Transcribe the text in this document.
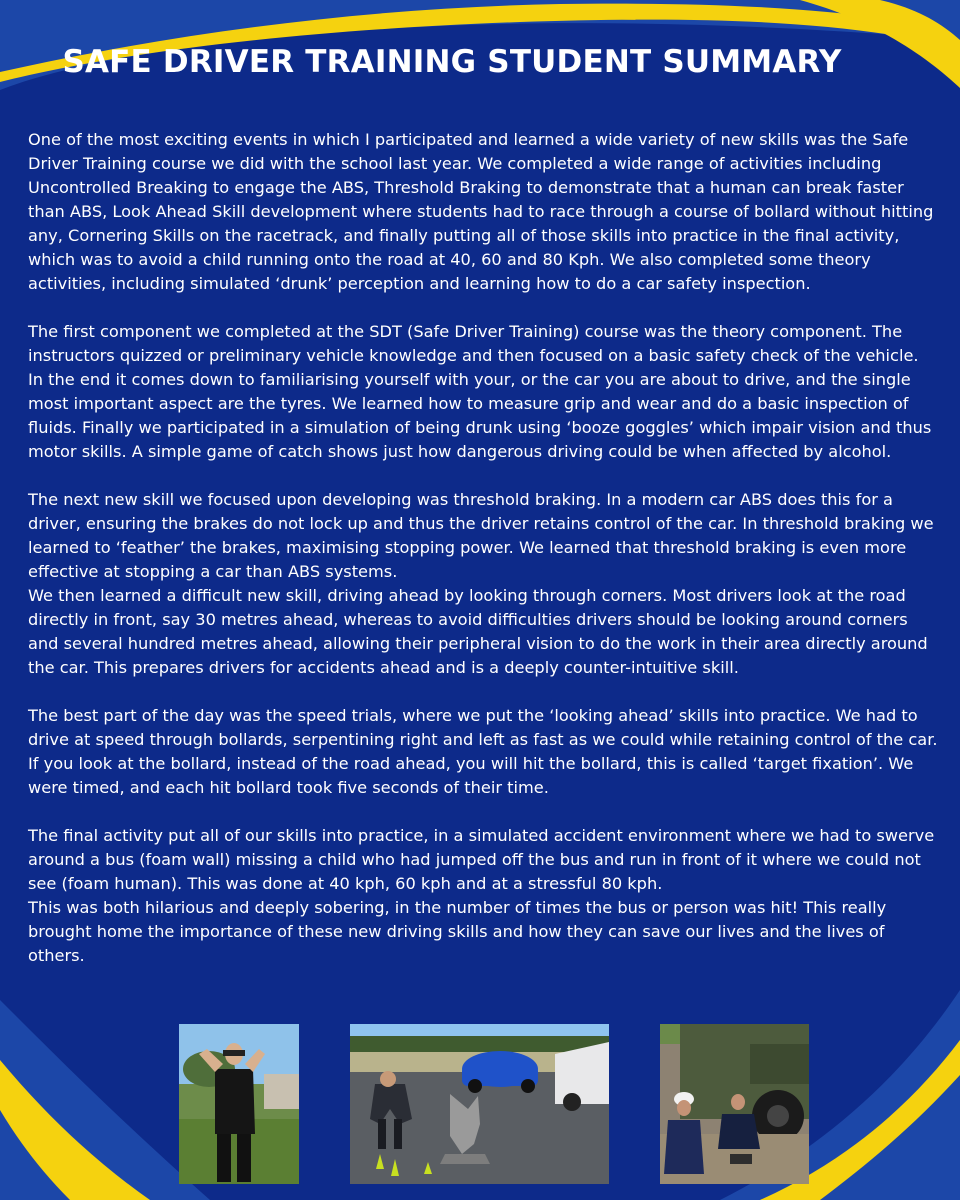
SAFE DRIVER TRAINING STUDENT SUMMARY

One of the most exciting events in which I participated and learned a wide variety of new skills was the Safe Driver Training course we did with the school last year. We completed a wide range of activities including Uncontrolled Breaking to engage the ABS, Threshold Braking to demonstrate that a human can break faster than ABS, Look Ahead Skill development where students had to race through a course of bollard without hitting any, Cornering Skills on the racetrack, and finally putting all of those skills into practice in the final activity, which was to avoid a child running onto the road at 40, 60 and 80 Kph. We also completed some theory activities, including simulated ‘drunk’ perception and learning how to do a car safety inspection.

The first component we completed at the SDT (Safe Driver Training) course was the theory component. The instructors quizzed or preliminary vehicle knowledge and then focused on a basic safety check of the vehicle. In the end it comes down to familiarising yourself with your, or the car you are about to drive, and the single most important aspect are the tyres. We learned how to measure grip and wear and do a basic inspection of fluids. Finally we participated in a simulation of being drunk using ‘booze goggles’ which impair vision and thus motor skills. A simple game of catch shows just how dangerous driving could be when affected by alcohol.

The next new skill we focused upon developing was threshold braking. In a modern car ABS does this for a driver, ensuring the brakes do not lock up and thus the driver retains control of the car. In threshold braking we learned to ‘feather’ the brakes, maximising stopping power. We learned that threshold braking is even more effective at stopping a car than ABS systems.

We then learned a difficult new skill, driving ahead by looking through corners. Most drivers look at the road directly in front, say 30 metres ahead, whereas to avoid difficulties drivers should be looking around corners and several hundred metres ahead, allowing their peripheral vision to do the work in their area directly around the car. This prepares drivers for accidents ahead and is a deeply counter-intuitive skill.

The best part of the day was the speed trials, where we put the ‘looking ahead’ skills into practice. We had to drive at speed through bollards, serpentining right and left as fast as we could while retaining control of the car. If you look at the bollard, instead of the road ahead, you will hit the bollard, this is called ‘target fixation’. We were timed, and each hit bollard took five seconds of their time.

The final activity put all of our skills into practice, in a simulated accident environment where we had to swerve around a bus (foam wall) missing a child who had jumped off the bus and run in front of it where we could not see (foam human). This was done at 40 kph, 60 kph and at a stressful 80 kph.

This was both hilarious and deeply sobering, in the number of times the bus or person was hit! This really brought home the importance of these new driving skills and how they can save our lives and the lives of others.
